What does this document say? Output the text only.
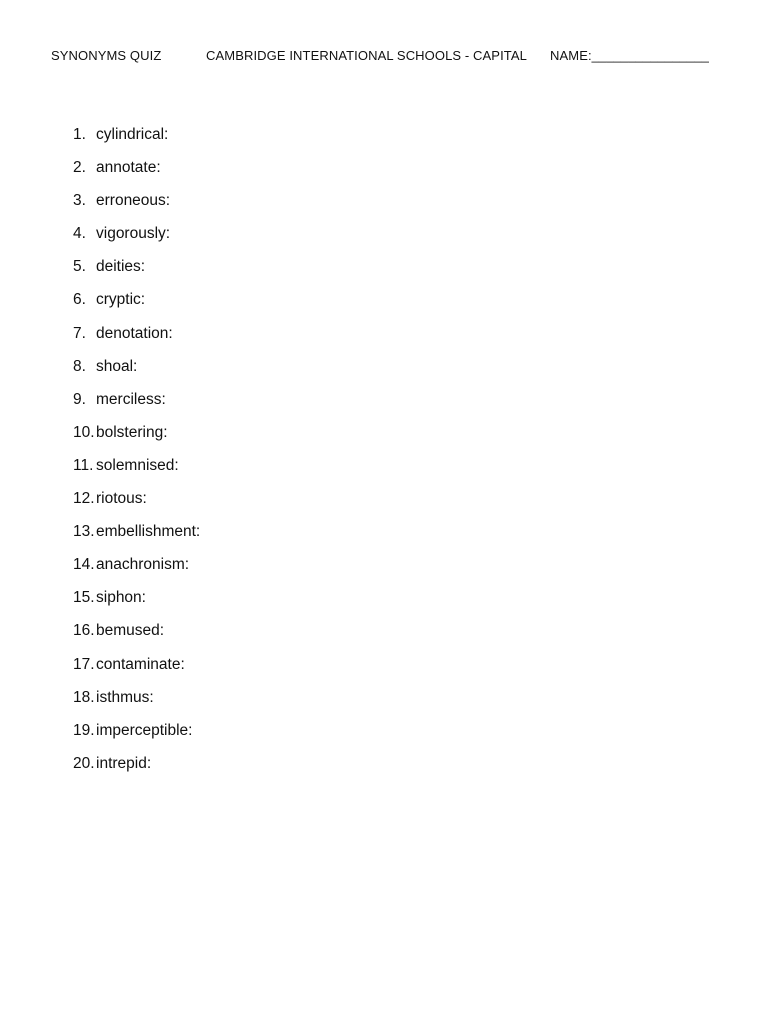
SYNONYMS QUIZ	CAMBRIDGE INTERNATIONAL SCHOOLS - CAPITAL NAME:________________
1. cylindrical:
2. annotate:
3. erroneous:
4. vigorously:
5. deities:
6. cryptic:
7. denotation:
8. shoal:
9. merciless:
10. bolstering:
11. solemnised:
12. riotous:
13. embellishment:
14. anachronism:
15. siphon:
16. bemused:
17. contaminate:
18. isthmus:
19. imperceptible:
20. intrepid:
